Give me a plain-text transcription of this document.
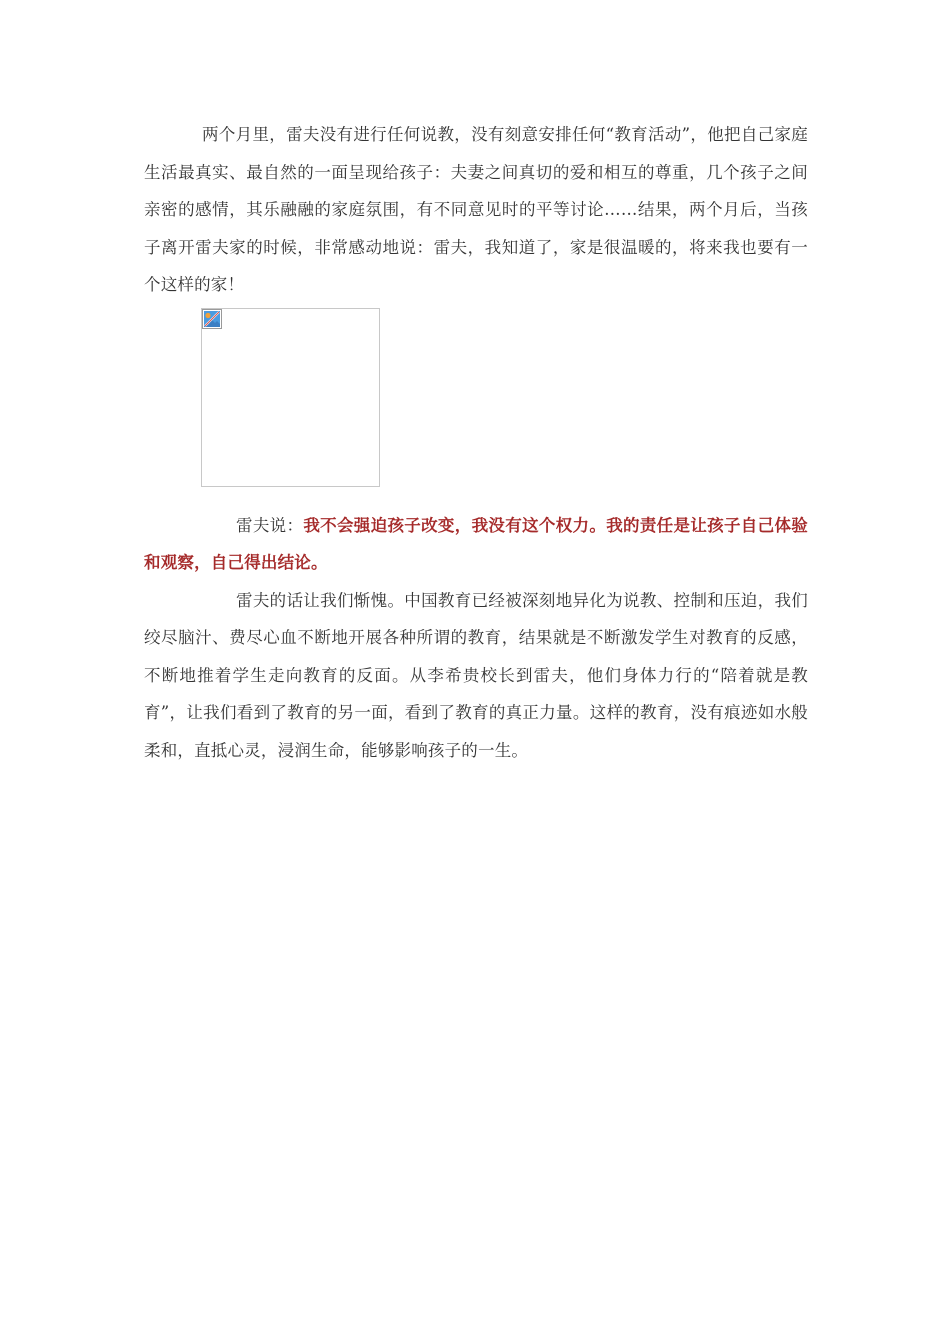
两个月里，雷夫没有进行任何说教，没有刻意安排任何“教育活动”，他把自己家庭生活最真实、最自然的一面呈现给孩子：夫妻之间真切的爱和相互的尊重，几个孩子之间亲密的感情，其乐融融的家庭氛围，有不同意见时的平等讨论……结果，两个月后，当孩子离开雷夫家的时候，非常感动地说：雷夫，我知道了，家是很温暖的，将来我也要有一个这样的家！

雷夫说：我不会强迫孩子改变，我没有这个权力。我的责任是让孩子自己体验和观察，自己得出结论。

雷夫的话让我们惭愧。中国教育已经被深刻地异化为说教、控制和压迫，我们绞尽脑汁、费尽心血不断地开展各种所谓的教育，结果就是不断激发学生对教育的反感，不断地推着学生走向教育的反面。从李希贵校长到雷夫，他们身体力行的“陪着就是教育”，让我们看到了教育的另一面，看到了教育的真正力量。这样的教育，没有痕迹如水般柔和，直抵心灵，浸润生命，能够影响孩子的一生。
